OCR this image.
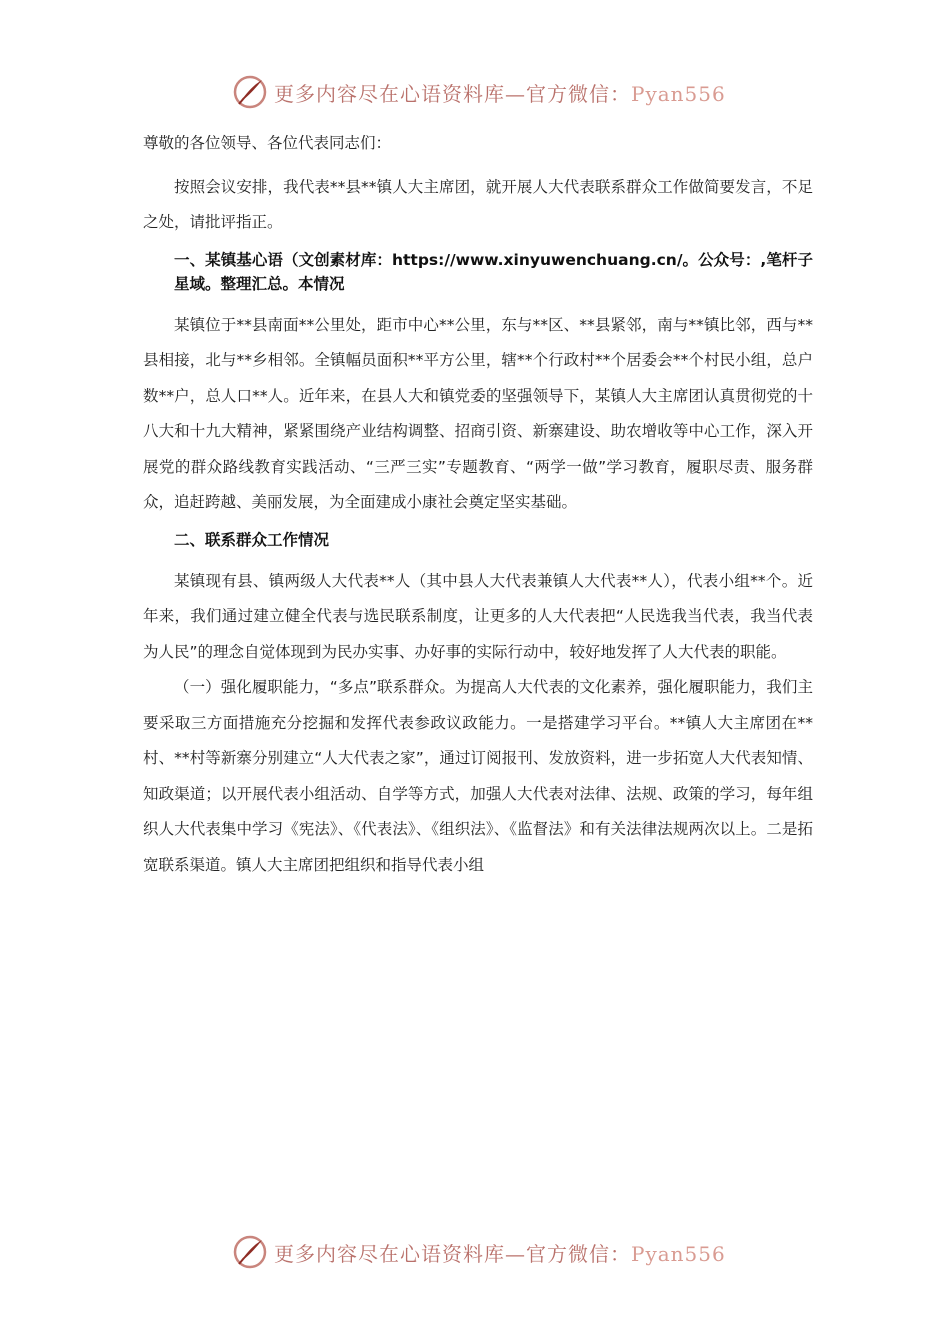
更多内容尽在心语资料库—官方微信：Pyan556

尊敬的各位领导、各位代表同志们：

按照会议安排，我代表**县**镇人大主席团，就开展人大代表联系群众工作做简要发言，不足之处，请批评指正。

一、某镇基心语（文创素材库：https://www.xinyuwenchuang.cn/。公众号：,笔杆子星域。整理汇总。本情况

某镇位于**县南面**公里处，距市中心**公里，东与**区、**县紧邻，南与**镇比邻，西与**县相接，北与**乡相邻。全镇幅员面积**平方公里，辖**个行政村**个居委会**个村民小组，总户数**户，总人口**人。近年来，在县人大和镇党委的坚强领导下，某镇人大主席团认真贯彻党的十八大和十九大精神，紧紧围绕产业结构调整、招商引资、新寨建设、助农增收等中心工作，深入开展党的群众路线教育实践活动、“三严三实”专题教育、“两学一做”学习教育，履职尽责、服务群众，追赶跨越、美丽发展，为全面建成小康社会奠定坚实基础。

二、联系群众工作情况

某镇现有县、镇两级人大代表**人（其中县人大代表兼镇人大代表**人），代表小组**个。近年来，我们通过建立健全代表与选民联系制度，让更多的人大代表把“人民选我当代表，我当代表为人民”的理念自觉体现到为民办实事、办好事的实际行动中，较好地发挥了人大代表的职能。

（一）强化履职能力，“多点”联系群众。为提高人大代表的文化素养，强化履职能力，我们主要采取三方面措施充分挖掘和发挥代表参政议政能力。一是搭建学习平台。**镇人大主席团在**村、**村等新寨分别建立“人大代表之家”，通过订阅报刊、发放资料，进一步拓宽人大代表知情、知政渠道；以开展代表小组活动、自学等方式，加强人大代表对法律、法规、政策的学习，每年组织人大代表集中学习《宪法》、《代表法》、《组织法》、《监督法》和有关法律法规两次以上。二是拓宽联系渠道。镇人大主席团把组织和指导代表小组

更多内容尽在心语资料库—官方微信：Pyan556
